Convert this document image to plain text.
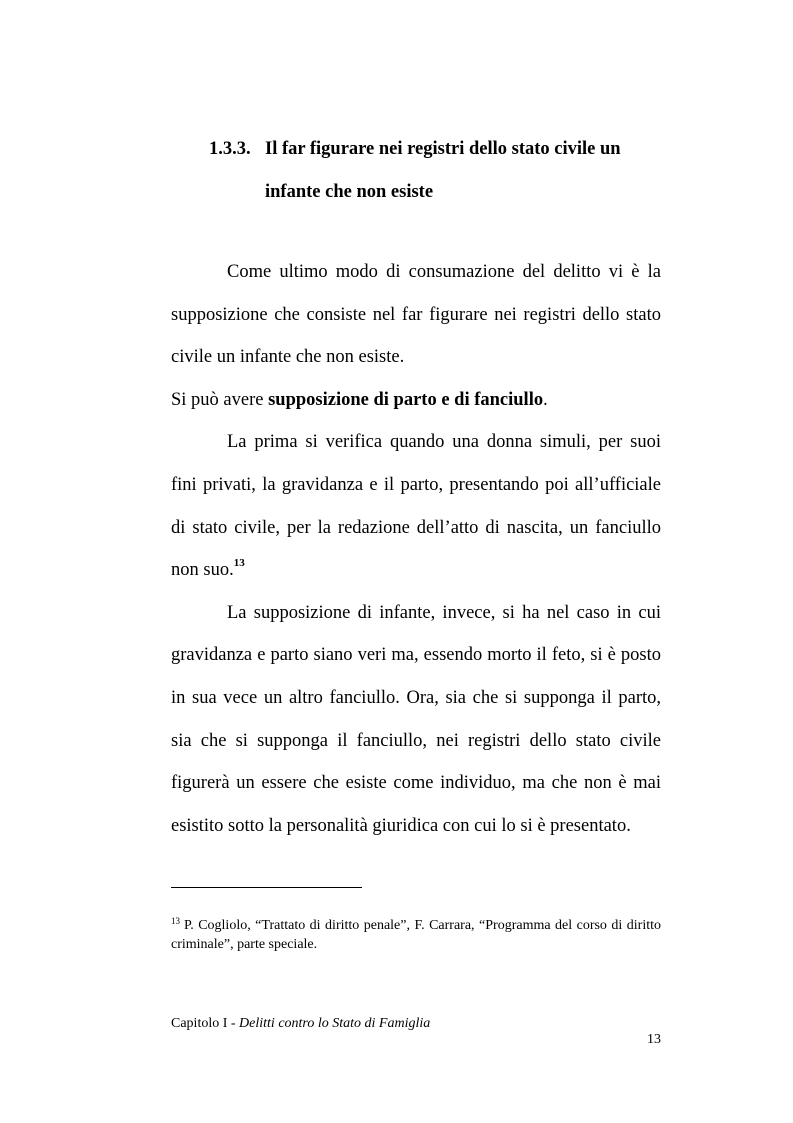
1.3.3. Il far figurare nei registri dello stato civile un
infante che non esiste

Come ultimo modo di consumazione del delitto vi è la supposizione che consiste nel far figurare nei registri dello stato civile un infante che non esiste.

Si può avere supposizione di parto e di fanciullo.

La prima si verifica quando una donna simuli, per suoi fini privati, la gravidanza e il parto, presentando poi all’ufficiale di stato civile, per la redazione dell’atto di nascita, un fanciullo non suo.$^{13}$

La supposizione di infante, invece, si ha nel caso in cui gravidanza e parto siano veri ma, essendo morto il feto, si è posto in sua vece un altro fanciullo. Ora, sia che si supponga il parto, sia che si supponga il fanciullo, nei registri dello stato civile figurerà un essere che esiste come individuo, ma che non è mai esistito sotto la personalità giuridica con cui lo si è presentato.

$^{13}$ P. Cogliolo, “Trattato di diritto penale”, F. Carrara, “Programma del corso di diritto criminale”, parte speciale.
Capitolo I - Delitti contro lo Stato di Famiglia
13
